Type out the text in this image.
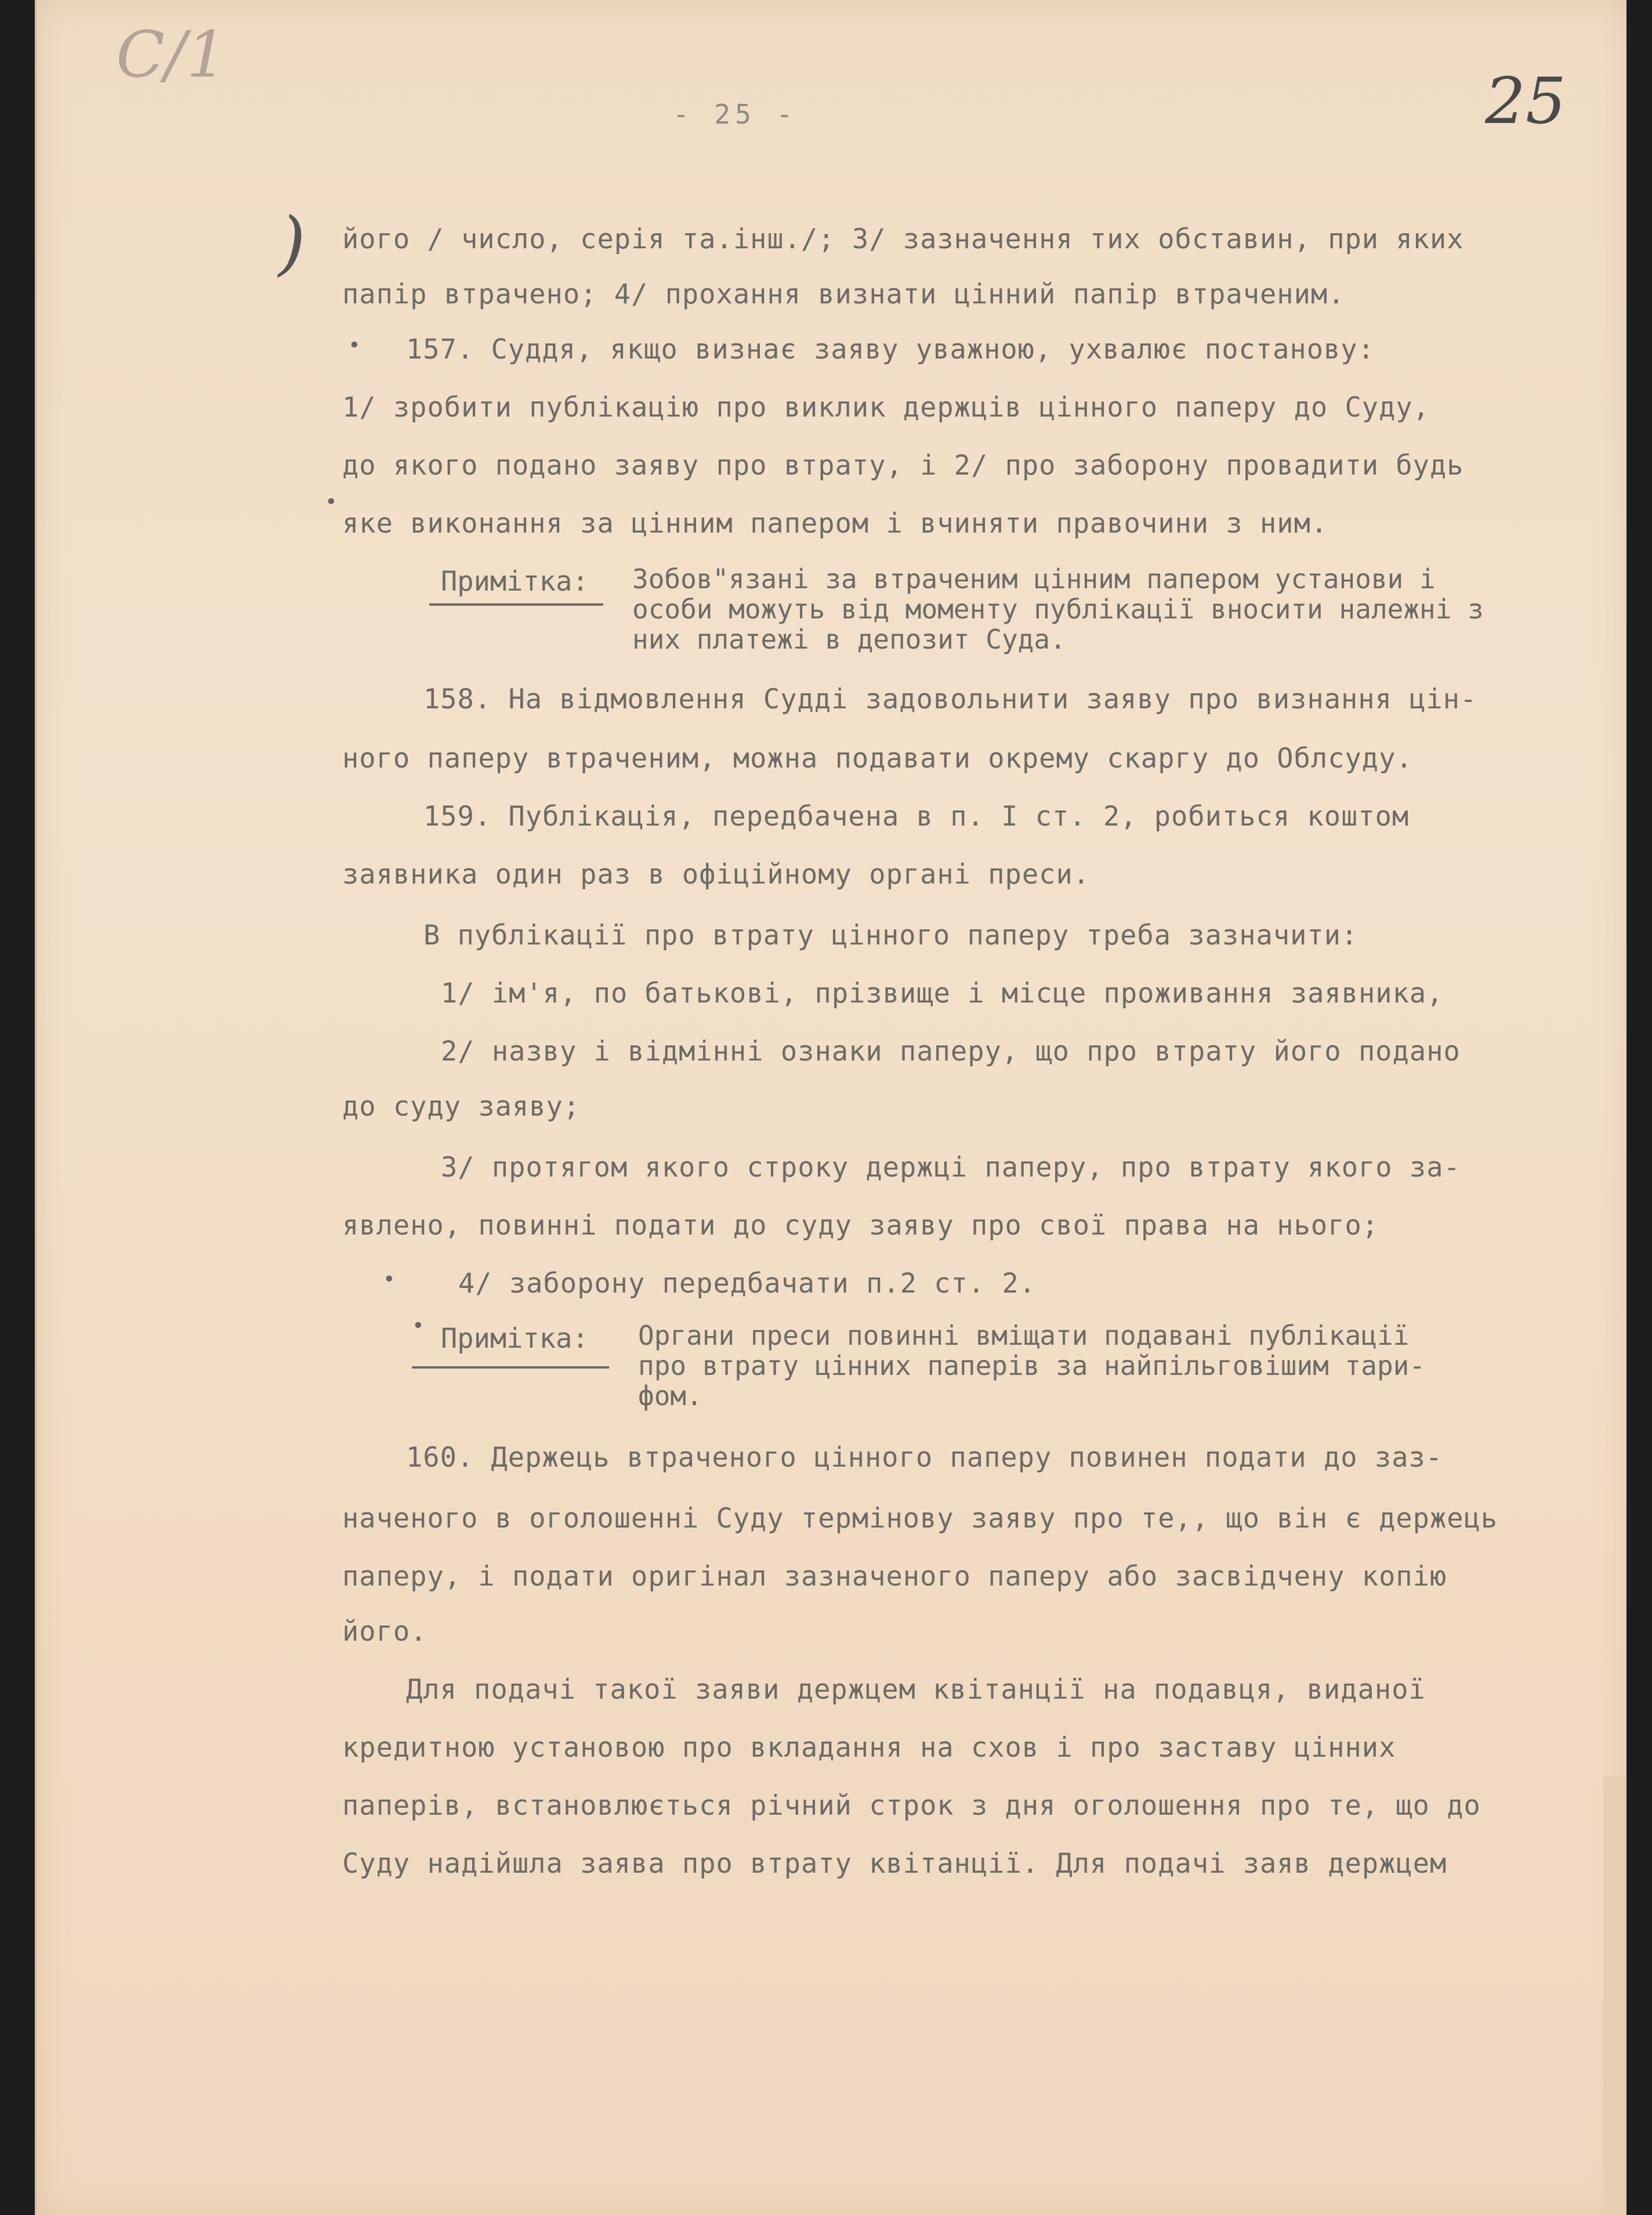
С/1
25
- 25 -
)
•
•
•
•
його / число, серія та.інш./; 3/ зазначення тих обставин, при яких
папір втрачено; 4/ прохання визнати цінний папір втраченим.
157. Суддя, якщо визнає заяву уважною, ухвалює постанову:
1/ зробити публікацію про виклик держців цінного паперу до Суду,
до якого подано заяву про втрату, і 2/ про заборону провадити будь
яке виконання за цінним папером і вчиняти правочини з ним.
Примітка: Зобов"язані за втраченим цінним папером установи і
особи можуть від моменту публікації вносити належні з
них платежі в депозит Суда.
158. На відмовлення Судді задовольнити заяву про визнання цін-
ного паперу втраченим, можна подавати окрему скаргу до Облсуду.
159. Публікація, передбачена в п. І ст. 2, робиться коштом
заявника один раз в офіційному органі преси.
В публікації про втрату цінного паперу треба зазначити:
1/ ім'я, по батькові, прізвище і місце проживання заявника,
2/ назву і відмінні ознаки паперу, що про втрату його подано
до суду заяву;
3/ протягом якого строку держці паперу, про втрату якого за-
явлено, повинні подати до суду заяву про свої права на нього;
4/ заборону передбачати п.2 ст. 2.
Примітка: Органи преси повинні вміщати подавані публікації
про втрату цінних паперів за найпільговішим тари-
фом.
160. Держець втраченого цінного паперу повинен подати до заз-
наченого в оголошенні Суду термінову заяву про те,, що він є держець
паперу, і подати оригінал зазначеного паперу або засвідчену копію
його.
Для подачі такої заяви держцем квітанції на подавця, виданої
кредитною установою про вкладання на схов і про заставу цінних
паперів, встановлюється річний строк з дня оголошення про те, що до
Суду надійшла заява про втрату квітанції. Для подачі заяв держцем
